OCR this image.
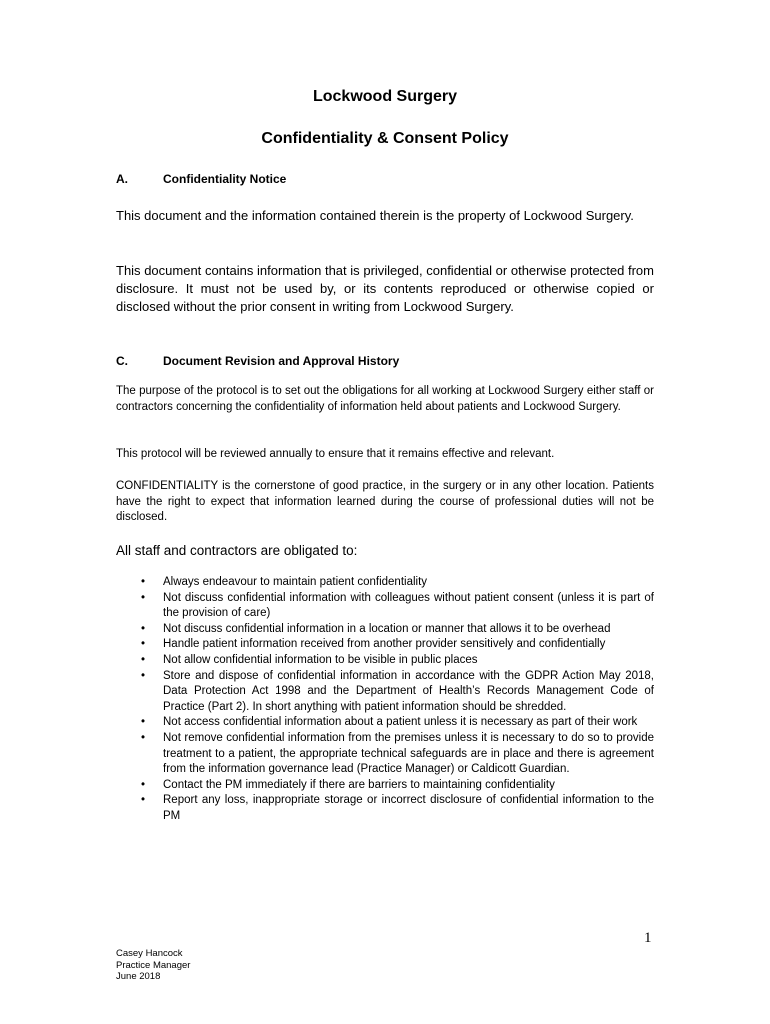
Lockwood Surgery
Confidentiality & Consent Policy
A.	Confidentiality Notice
This document and the information contained therein is the property of Lockwood Surgery.
This document contains information that is privileged, confidential or otherwise protected from disclosure. It must not be used by, or its contents reproduced or otherwise copied or disclosed without the prior consent in writing from Lockwood Surgery.
C.	Document Revision and Approval History
The purpose of the protocol is to set out the obligations for all working at Lockwood Surgery either staff or contractors concerning the confidentiality of information held about patients and Lockwood Surgery.
This protocol will be reviewed annually to ensure that it remains effective and relevant.
CONFIDENTIALITY is the cornerstone of good practice, in the surgery or in any other location. Patients have the right to expect that information learned during the course of professional duties will not be disclosed.
All staff and contractors are obligated to:
• Always endeavour to maintain patient confidentiality
• Not discuss confidential information with colleagues without patient consent (unless it is part of the provision of care)
• Not discuss confidential information in a location or manner that allows it to be overhead
• Handle patient information received from another provider sensitively and confidentially
• Not allow confidential information to be visible in public places
• Store and dispose of confidential information in accordance with the GDPR Action May 2018, Data Protection Act 1998 and the Department of Health’s Records Management Code of Practice (Part 2). In short anything with patient information should be shredded.
• Not access confidential information about a patient unless it is necessary as part of their work
• Not remove confidential information from the premises unless it is necessary to do so to provide treatment to a patient, the appropriate technical safeguards are in place and there is agreement from the information governance lead (Practice Manager) or Caldicott Guardian.
• Contact the PM immediately if there are barriers to maintaining confidentiality
• Report any loss, inappropriate storage or incorrect disclosure of confidential information to the PM
1
Casey Hancock
Practice Manager
June 2018
